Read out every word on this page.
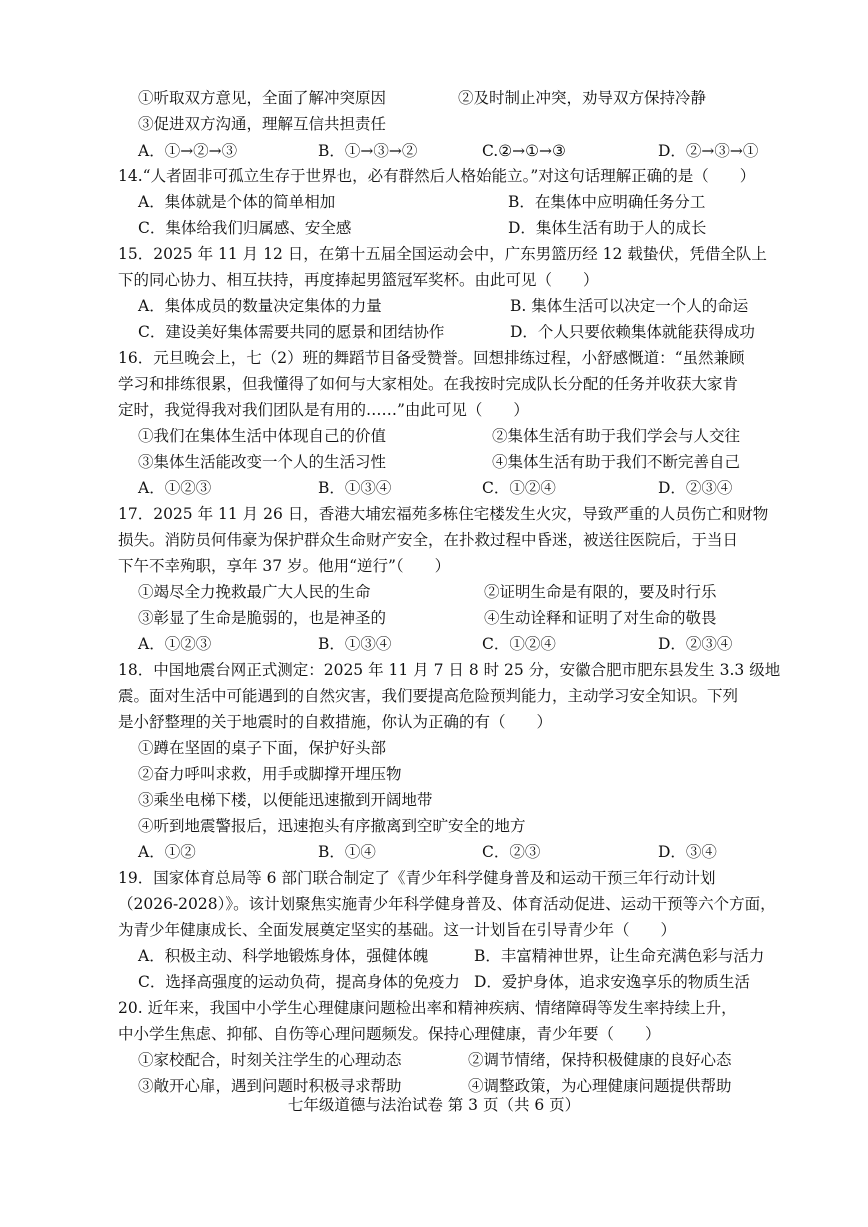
①听取双方意见，全面了解冲突原因	②及时制止冲突，劝导双方保持冷静
③促进双方沟通，理解互信共担责任
A．①→②→③	B．①→③→②	C.②→①→③	D．②→③→①
14.“人者固非可孤立生存于世界也，必有群然后人格始能立。”对这句话理解正确的是（　　）
A．集体就是个体的简单相加	B．在集体中应明确任务分工
C．集体给我们归属感、安全感	D．集体生活有助于人的成长
15．2025 年 11 月 12 日，在第十五届全国运动会中，广东男篮历经 12 载蛰伏，凭借全队上
下的同心协力、相互扶持，再度捧起男篮冠军奖杯。由此可见（　　）
A．集体成员的数量决定集体的力量	B. 集体生活可以决定一个人的命运
C．建设美好集体需要共同的愿景和团结协作	D．个人只要依赖集体就能获得成功
16．元旦晚会上，七（2）班的舞蹈节目备受赞誉。回想排练过程，小舒感慨道：“虽然兼顾
学习和排练很累，但我懂得了如何与大家相处。在我按时完成队长分配的任务并收获大家肯
定时，我觉得我对我们团队是有用的……”由此可见（　　）
①我们在集体生活中体现自己的价值	②集体生活有助于我们学会与人交往
③集体生活能改变一个人的生活习性	④集体生活有助于我们不断完善自己
A．①②③	B．①③④	C．①②④	D．②③④
17．2025 年 11 月 26 日，香港大埔宏福苑多栋住宅楼发生火灾，导致严重的人员伤亡和财物
损失。消防员何伟豪为保护群众生命财产安全，在扑救过程中昏迷，被送往医院后，于当日
下午不幸殉职，享年 37 岁。他用“逆行”（　　）
①竭尽全力挽救最广大人民的生命	②证明生命是有限的，要及时行乐
③彰显了生命是脆弱的，也是神圣的	④生动诠释和证明了对生命的敬畏
A．①②③	B．①③④	C．①②④	D．②③④
18．中国地震台网正式测定：2025 年 11 月 7 日 8 时 25 分，安徽合肥市肥东县发生 3.3 级地
震。面对生活中可能遇到的自然灾害，我们要提高危险预判能力，主动学习安全知识。下列
是小舒整理的关于地震时的自救措施，你认为正确的有（　　）
①蹲在坚固的桌子下面，保护好头部
②奋力呼叫求救，用手或脚撑开埋压物
③乘坐电梯下楼，以便能迅速撤到开阔地带
④听到地震警报后，迅速抱头有序撤离到空旷安全的地方
A．①②	B．①④	C．②③	D．③④
19．国家体育总局等 6 部门联合制定了《青少年科学健身普及和运动干预三年行动计划
（2026-2028）》。该计划聚焦实施青少年科学健身普及、体育活动促进、运动干预等六个方面，
为青少年健康成长、全面发展奠定坚实的基础。这一计划旨在引导青少年（　　）
A．积极主动、科学地锻炼身体，强健体魄	B．丰富精神世界，让生命充满色彩与活力
C．选择高强度的运动负荷，提高身体的免疫力 D．爱护身体，追求安逸享乐的物质生活
20. 近年来，我国中小学生心理健康问题检出率和精神疾病、情绪障碍等发生率持续上升，
中小学生焦虑、抑郁、自伤等心理问题频发。保持心理健康，青少年要（　　）
①家校配合，时刻关注学生的心理动态	②调节情绪，保持积极健康的良好心态
③敞开心扉，遇到问题时积极寻求帮助	④调整政策，为心理健康问题提供帮助
七年级道德与法治试卷 第 3 页（共 6 页）
